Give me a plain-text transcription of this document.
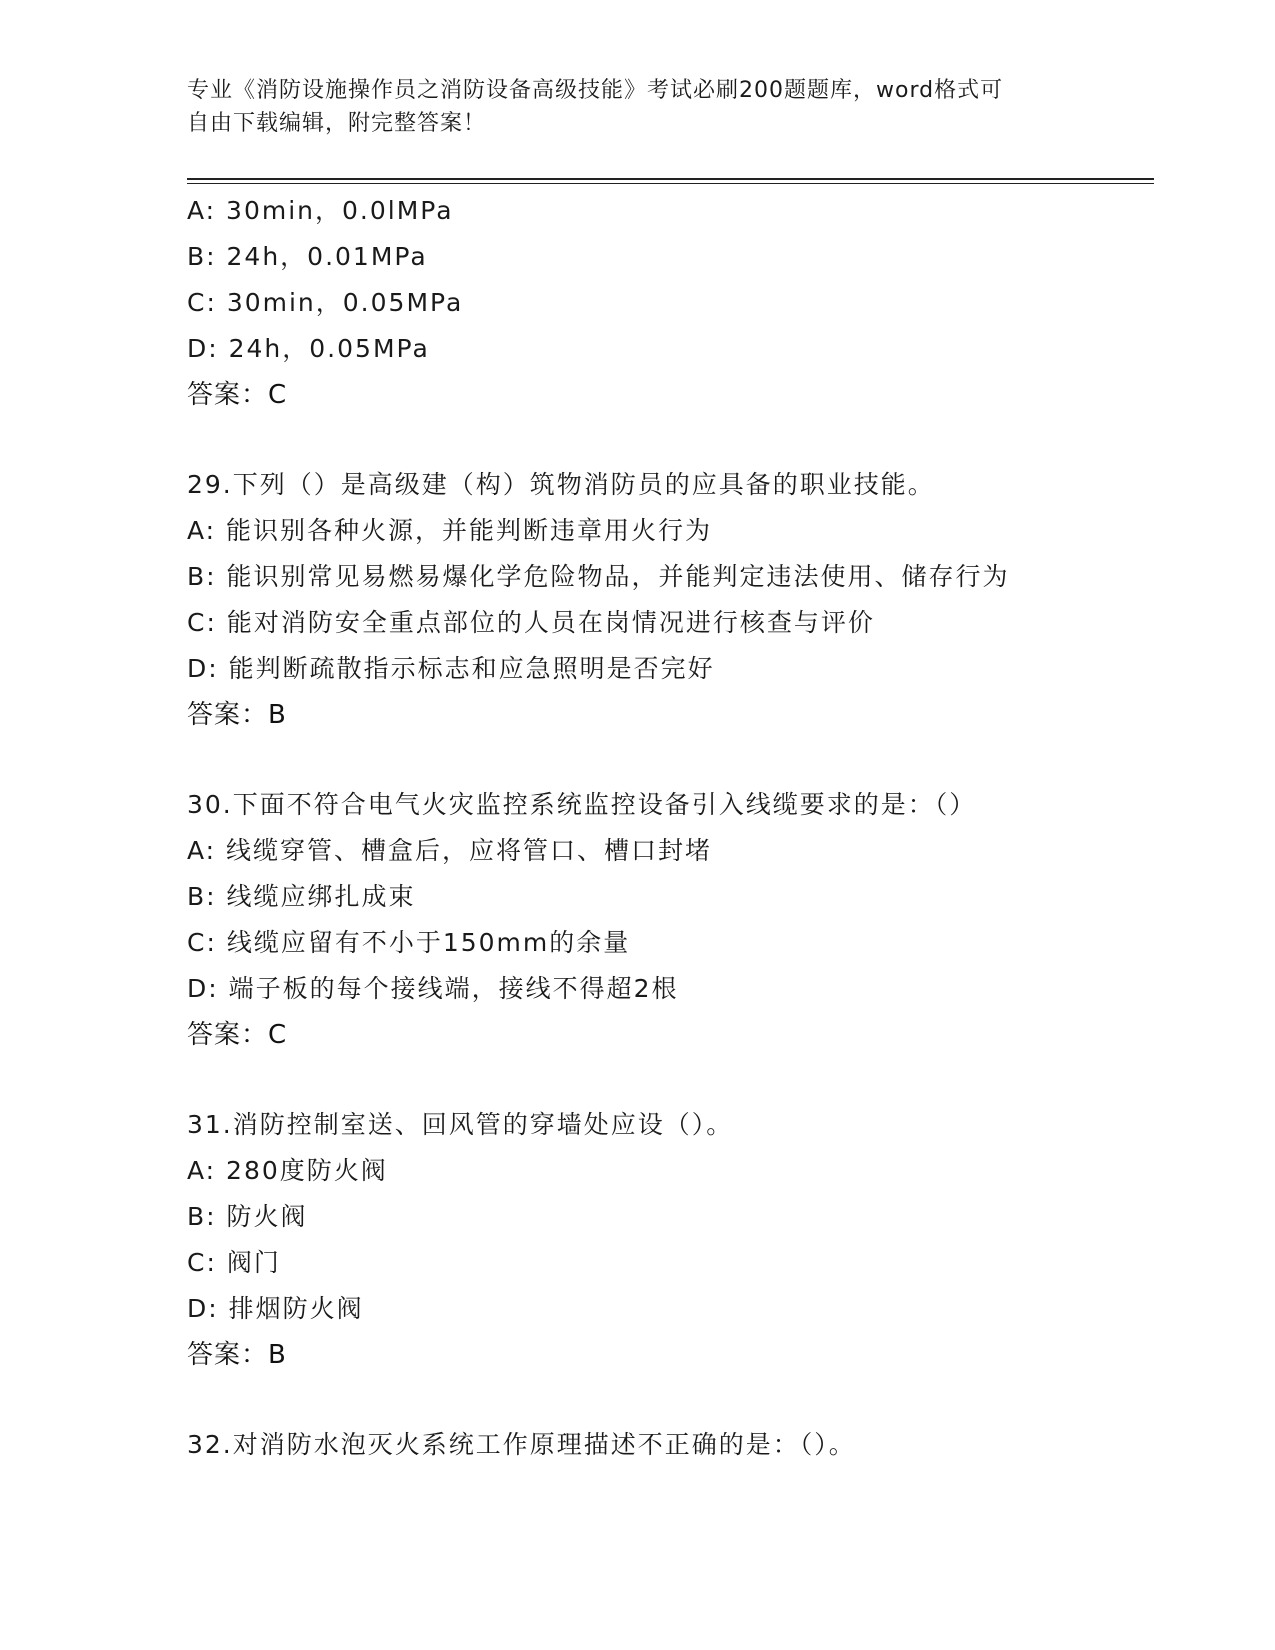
专业《消防设施操作员之消防设备高级技能》考试必刷200题题库，word格式可
自由下载编辑，附完整答案！
A: 30min，0.0lMPa
B: 24h，0.01MPa
C: 30min，0.05MPa
D: 24h，0.05MPa
答案：C
29.下列（）是高级建（构）筑物消防员的应具备的职业技能。
A: 能识别各种火源，并能判断违章用火行为
B: 能识别常见易燃易爆化学危险物品，并能判定违法使用、储存行为
C: 能对消防安全重点部位的人员在岗情况进行核查与评价
D: 能判断疏散指示标志和应急照明是否完好
答案：B
30.下面不符合电气火灾监控系统监控设备引入线缆要求的是：（）
A: 线缆穿管、槽盒后，应将管口、槽口封堵
B: 线缆应绑扎成束
C: 线缆应留有不小于150mm的余量
D: 端子板的每个接线端，接线不得超2根
答案：C
31.消防控制室送、回风管的穿墙处应设（）。
A: 280度防火阀
B: 防火阀
C: 阀门
D: 排烟防火阀
答案：B
32.对消防水泡灭火系统工作原理描述不正确的是：（）。
